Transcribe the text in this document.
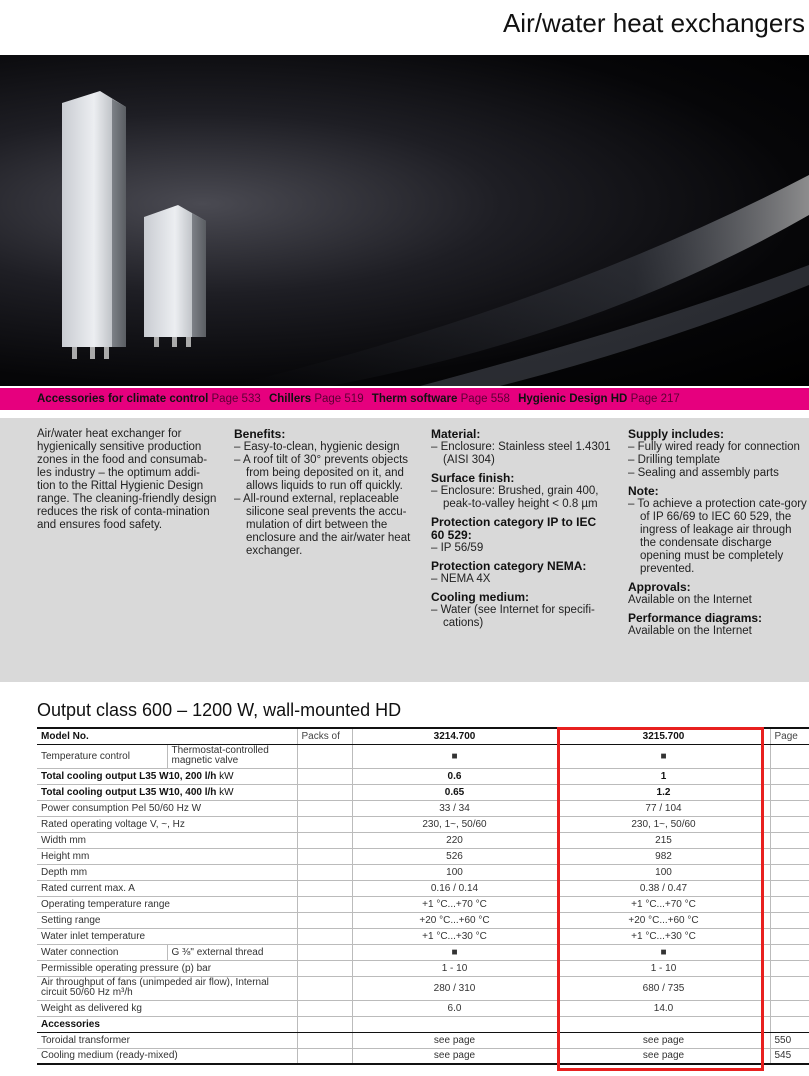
Air/water heat exchangers
Accessories for climate control Page 533 Chillers Page 519 Therm software Page 558 Hygienic Design HD Page 217

Air/water heat exchanger for hygienically sensitive production zones in the food and consumab-les industry – the optimum addi-tion to the Rittal Hygienic Design range. The cleaning-friendly design reduces the risk of conta-mination and ensures food safety.

Benefits:
– Easy-to-clean, hygienic design
– A roof tilt of 30° prevents objects from being deposited on it, and allows liquids to run off quickly.
– All-round external, replaceable silicone seal prevents the accu-mulation of dirt between the enclosure and the air/water heat exchanger.
Material:
– Enclosure: Stainless steel 1.4301 (AISI 304)
Surface finish:
– Enclosure: Brushed, grain 400, peak-to-valley height < 0.8 µm
Protection category IP to IEC 60 529:
– IP 56/59
Protection category NEMA:
– NEMA 4X
Cooling medium:
– Water (see Internet for specifi-cations)
Supply includes:
– Fully wired ready for connection
– Drilling template
– Sealing and assembly parts
Note:
– To achieve a protection cate-gory of IP 66/69 to IEC 60 529, the ingress of leakage air through the condensate discharge opening must be completely prevented.
Approvals:

Available on the Internet

Performance diagrams:

Available on the Internet

Output class 600 – 1200 W, wall-mounted HD
Model No.		Packs of	3214.700	3215.700	Page
Temperature control	Thermostat-controlled magnetic valve		■	■	
Total cooling output L35 W10, 200 l/h kW			0.6	1	
Total cooling output L35 W10, 400 l/h kW			0.65	1.2	
Power consumption Pel 50/60 Hz W			33 / 34	77 / 104	
Rated operating voltage V, ~, Hz			230, 1~, 50/60	230, 1~, 50/60	
Width mm			220	215	
Height mm			526	982	
Depth mm			100	100	
Rated current max. A			0.16 / 0.14	0.38 / 0.47	
Operating temperature range			+1 °C...+70 °C	+1 °C...+70 °C	
Setting range			+20 °C...+60 °C	+20 °C...+60 °C	
Water inlet temperature			+1 °C...+30 °C	+1 °C...+30 °C	
Water connection	G ⅜" external thread		■	■	
Permissible operating pressure (p) bar			1 - 10	1 - 10	
Air throughput of fans (unimpeded air flow), Internal circuit 50/60 Hz m³/h			280 / 310	680 / 735	
Weight as delivered kg			6.0	14.0	
Accessories					
Toroidal transformer			see page	see page	550
Cooling medium (ready-mixed)			see page	see page	545
